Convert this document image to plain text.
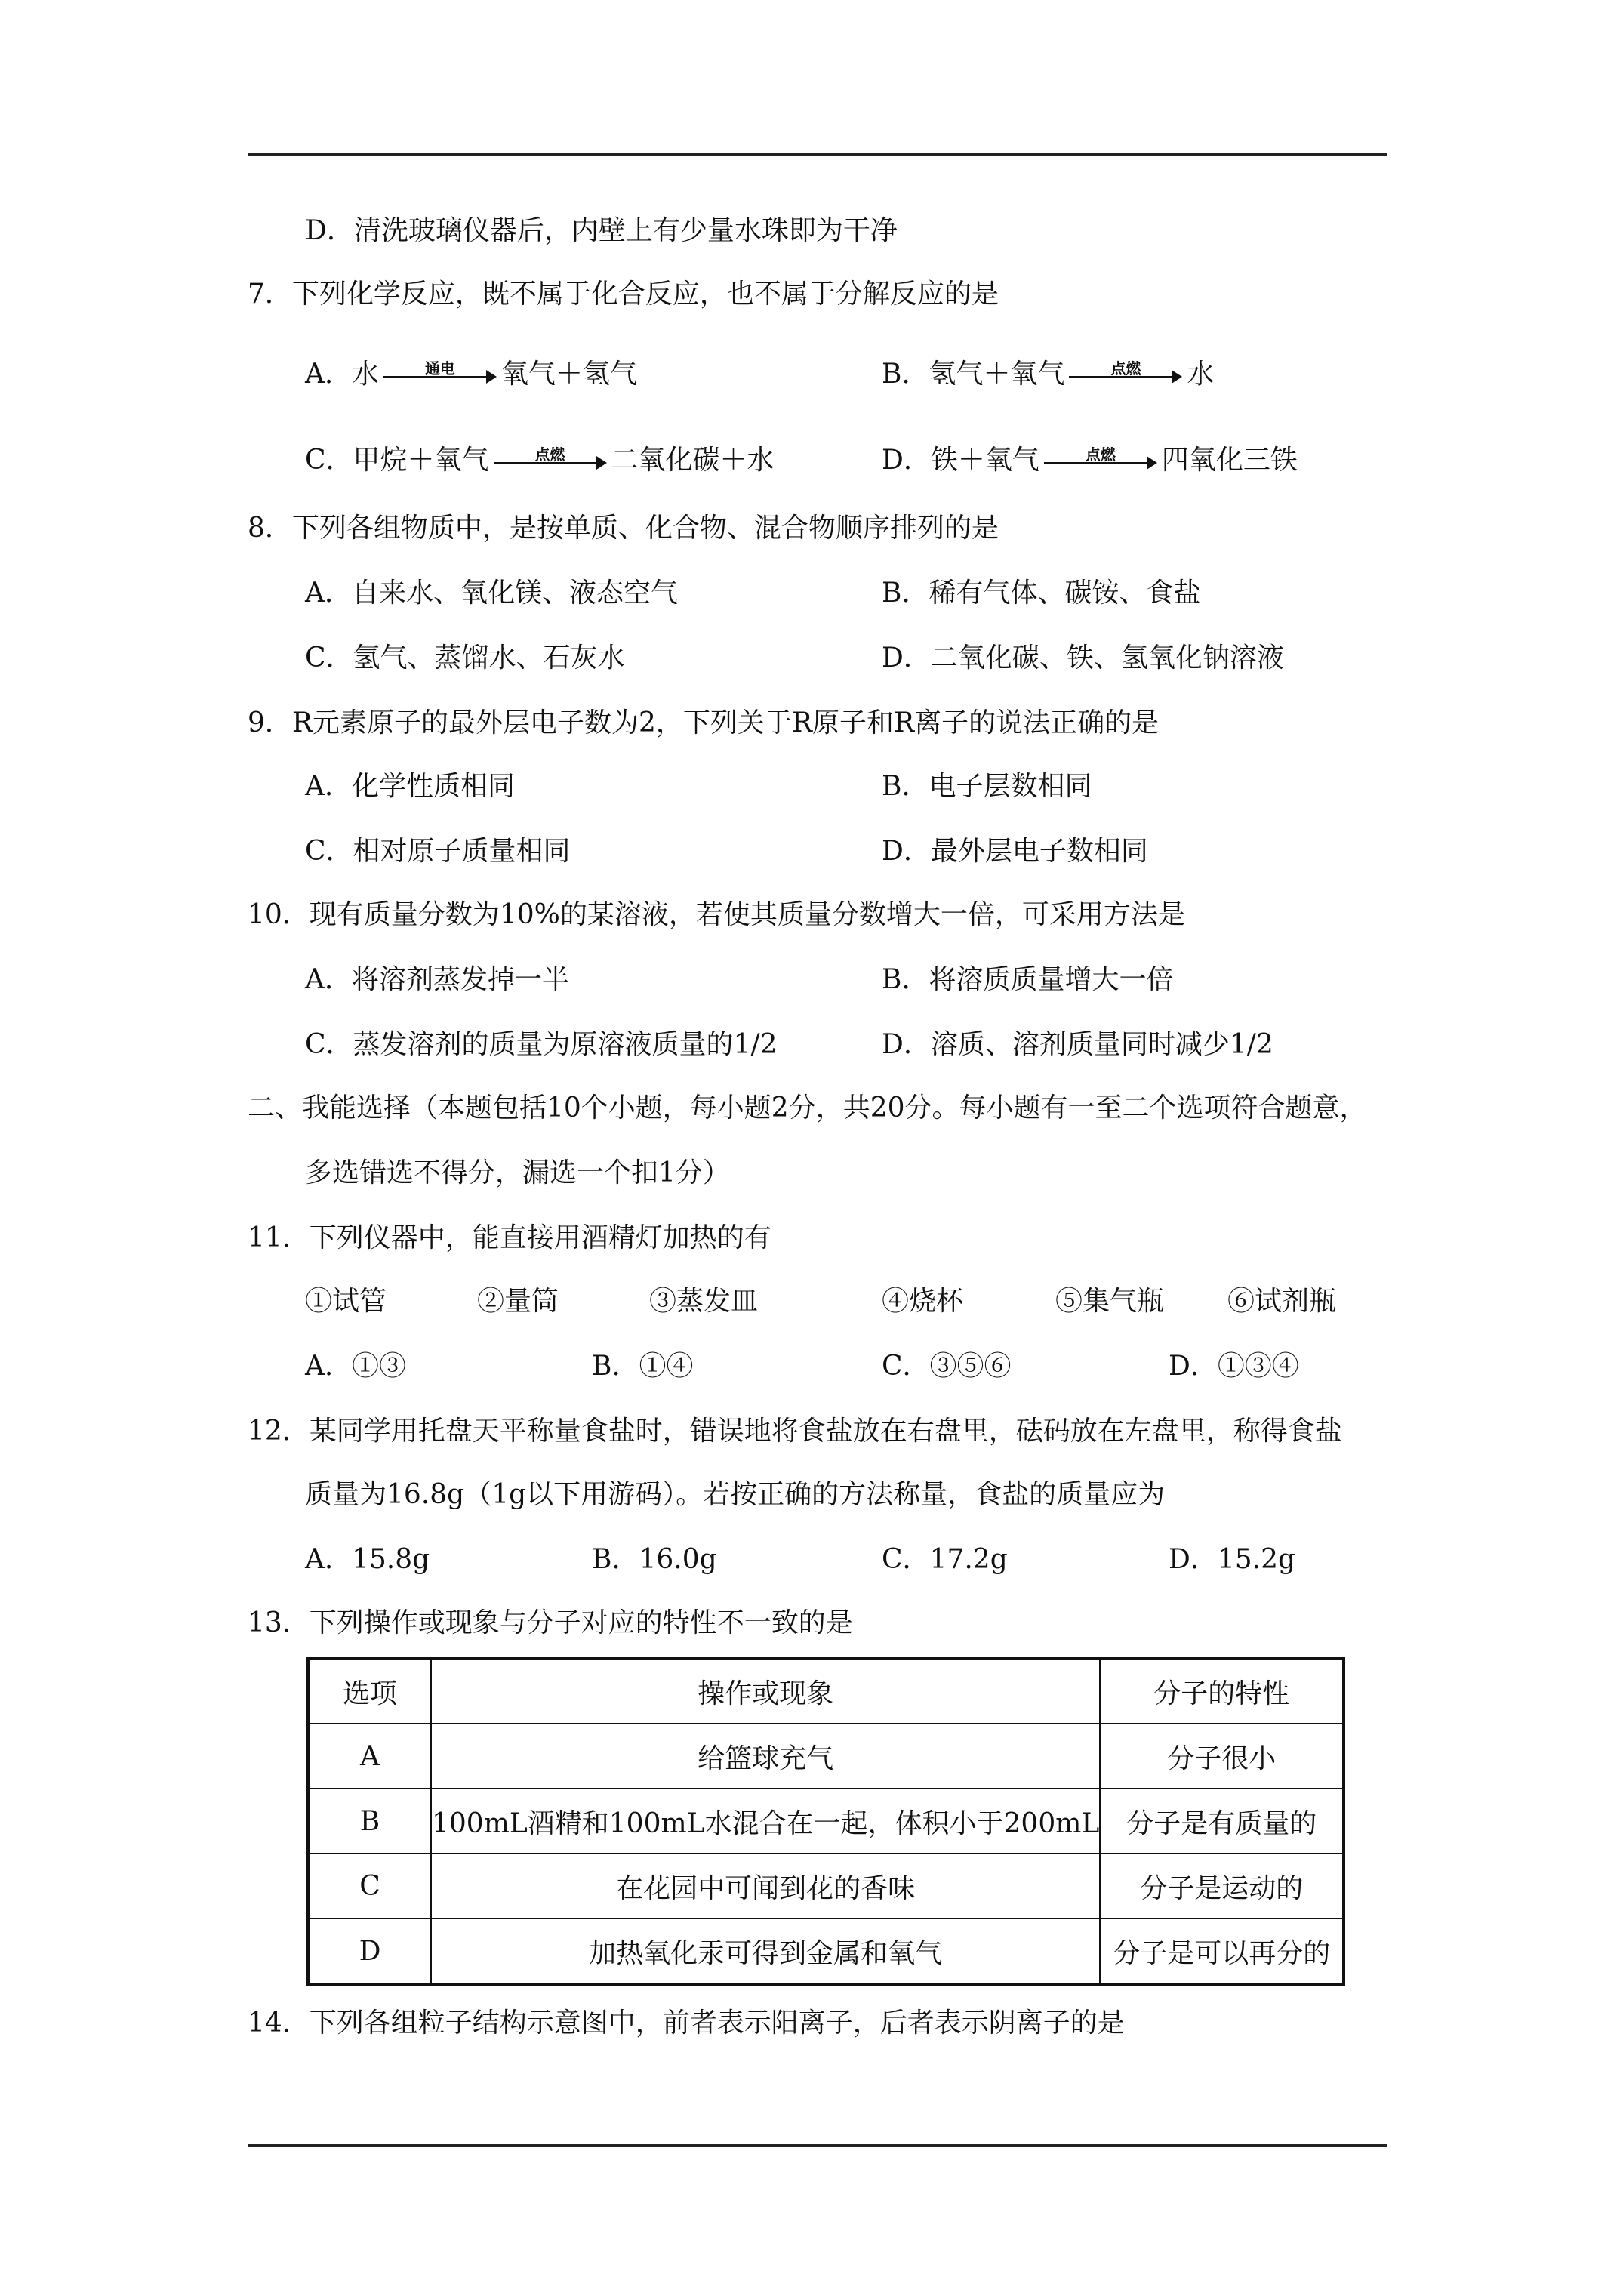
D．清洗玻璃仪器后，内壁上有少量水珠即为干净
7．下列化学反应，既不属于化合反应，也不属于分解反应的是
A．水	通电	氧气＋氢气	B．氢气＋氧气	点燃	水
C．甲烷＋氧气	点燃	二氧化碳＋水	D．铁＋氧气	点燃	四氧化三铁
8．下列各组物质中，是按单质、化合物、混合物顺序排列的是
A．自来水、氧化镁、液态空气	B．稀有气体、碳铵、食盐
C．氢气、蒸馏水、石灰水	D．二氧化碳、铁、氢氧化钠溶液
9．R元素原子的最外层电子数为2，下列关于R原子和R离子的说法正确的是
A．化学性质相同	B．电子层数相同
C．相对原子质量相同	D．最外层电子数相同
10．现有质量分数为10%的某溶液，若使其质量分数增大一倍，可采用方法是
A．将溶剂蒸发掉一半	B．将溶质质量增大一倍
C．蒸发溶剂的质量为原溶液质量的1/2	D．溶质、溶剂质量同时减少1/2
二、我能选择（本题包括10个小题，每小题2分，共20分。每小题有一至二个选项符合题意，
多选错选不得分，漏选一个扣1分）
11．下列仪器中，能直接用酒精灯加热的有
①试管	②量筒	③蒸发皿	④烧杯	⑤集气瓶 ⑥试剂瓶
A．①③	B．①④	C．③⑤⑥	D．①③④
12．某同学用托盘天平称量食盐时，错误地将食盐放在右盘里，砝码放在左盘里，称得食盐
质量为16.8g（1g以下用游码）。若按正确的方法称量，食盐的质量应为
A．15.8g	B．16.0g	C．17.2g	D．15.2g
13．下列操作或现象与分子对应的特性不一致的是
选项	操作或现象	分子的特性
A	给篮球充气	分子很小
B	100mL酒精和100mL水混合在一起，体积小于200mL	分子是有质量的
C	在花园中可闻到花的香味	分子是运动的
D	加热氧化汞可得到金属和氧气	分子是可以再分的
14．下列各组粒子结构示意图中，前者表示阳离子，后者表示阴离子的是
